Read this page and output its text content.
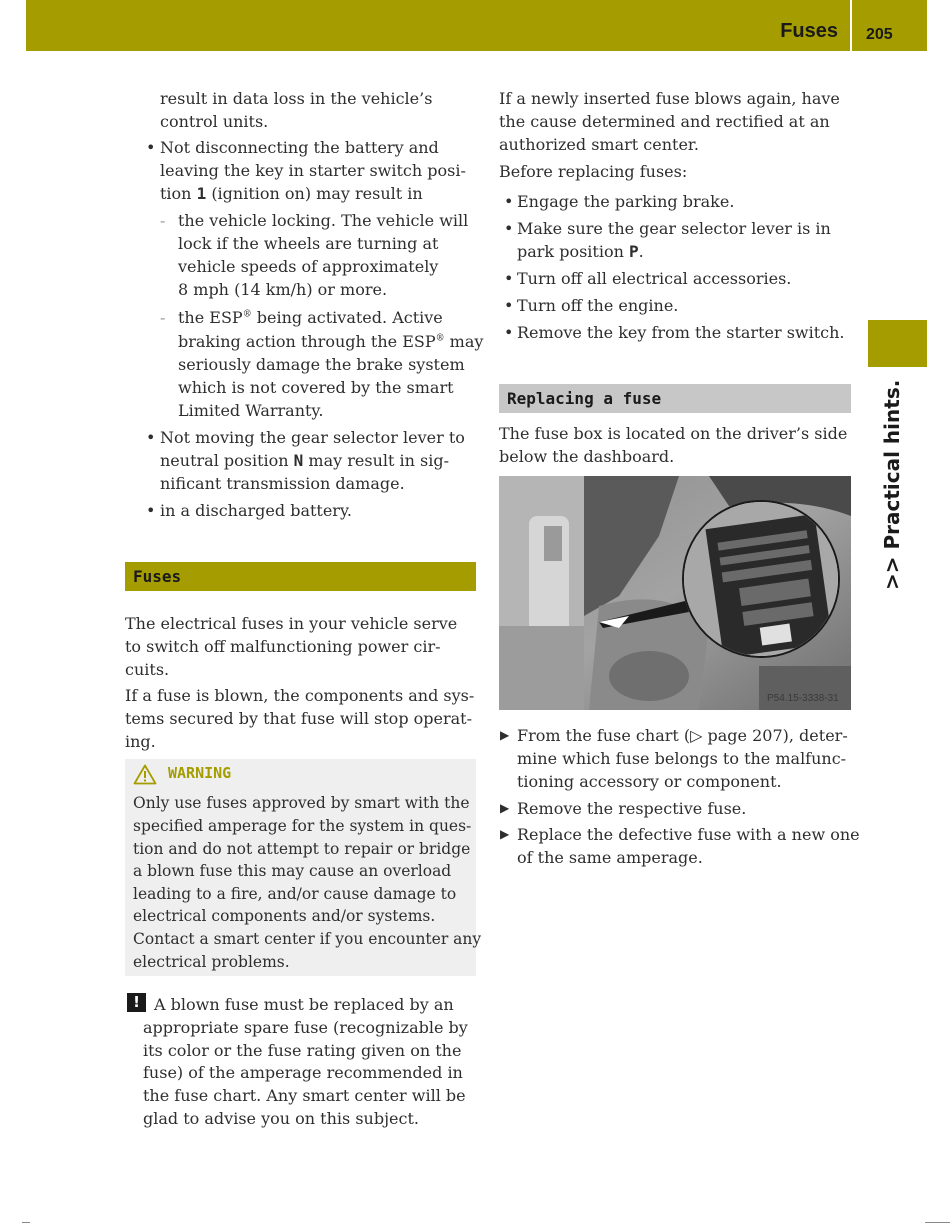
Fuses 205
>> Practical hints.
result in data loss in the vehicle’s
control units.
• Not disconnecting the battery and
leaving the key in starter switch posi-
tion 1 (ignition on) may result in
- the vehicle locking. The vehicle will
lock if the wheels are turning at
vehicle speeds of approximately
8 mph (14 km/h) or more.
- the ESP® being activated. Active
braking action through the ESP® may
seriously damage the brake system
which is not covered by the smart
Limited Warranty.
• Not moving the gear selector lever to
neutral position N may result in sig-
nificant transmission damage.
• in a discharged battery.
Fuses
The electrical fuses in your vehicle serve
to switch off malfunctioning power cir-
cuits.
If a fuse is blown, the components and sys-
tems secured by that fuse will stop operat-
ing.
WARNING
Only use fuses approved by smart with the
specified amperage for the system in ques-
tion and do not attempt to repair or bridge
a blown fuse this may cause an overload
leading to a fire, and/or cause damage to
electrical components and/or systems.
Contact a smart center if you encounter any
electrical problems.
! A blown fuse must be replaced by an
appropriate spare fuse (recognizable by
its color or the fuse rating given on the
fuse) of the amperage recommended in
the fuse chart. Any smart center will be
glad to advise you on this subject.
If a newly inserted fuse blows again, have
the cause determined and rectified at an
authorized smart center.
Before replacing fuses:
• Engage the parking brake.
• Make sure the gear selector lever is in
park position P.
• Turn off all electrical accessories.
• Turn off the engine.
• Remove the key from the starter switch.
Replacing a fuse
The fuse box is located on the driver’s side
below the dashboard.
P54.15-3338-31
▶ From the fuse chart (▷ page 207), deter-
mine which fuse belongs to the malfunc-
tioning accessory or component.
▶ Remove the respective fuse.
▶ Replace the defective fuse with a new one
of the same amperage.
